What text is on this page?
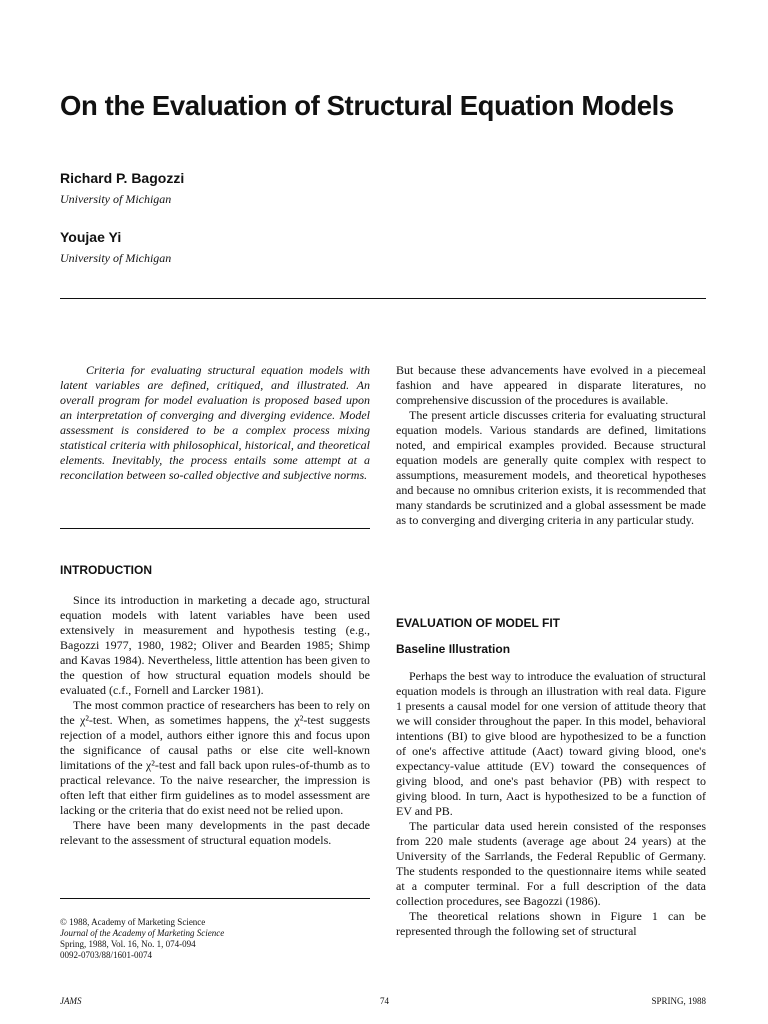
On the Evaluation of Structural Equation Models
Richard P. Bagozzi
University of Michigan
Youjae Yi
University of Michigan

Criteria for evaluating structural equation models with latent variables are defined, critiqued, and illustrated. An overall program for model evaluation is proposed based upon an interpretation of converging and diverging evidence. Model assessment is considered to be a complex process mixing statistical criteria with philosophical, historical, and theoretical elements. Inevitably, the process entails some attempt at a reconcilation between so-called objective and subjective norms.

INTRODUCTION

Since its introduction in marketing a decade ago, structural equation models with latent variables have been used extensively in measurement and hypothesis testing (e.g., Bagozzi 1977, 1980, 1982; Oliver and Bearden 1985; Shimp and Kavas 1984). Nevertheless, little attention has been given to the question of how structural equation models should be evaluated (c.f., Fornell and Larcker 1981).

The most common practice of researchers has been to rely on the χ²-test. When, as sometimes happens, the χ²-test suggests rejection of a model, authors either ignore this and focus upon the significance of causal paths or else cite well-known limitations of the χ²-test and fall back upon rules-of-thumb as to practical relevance. To the naive researcher, the impression is often left that either firm guidelines as to model assessment are lacking or the criteria that do exist need not be relied upon.

There have been many developments in the past decade relevant to the assessment of structural equation models.

© 1988, Academy of Marketing Science
Journal of the Academy of Marketing Science
Spring, 1988, Vol. 16, No. 1, 074-094
0092-0703/88/1601-0074

But because these advancements have evolved in a piecemeal fashion and have appeared in disparate literatures, no comprehensive discussion of the procedures is available.

The present article discusses criteria for evaluating structural equation models. Various standards are defined, limitations noted, and empirical examples provided. Because structural equation models are generally quite complex with respect to assumptions, measurement models, and theoretical hypotheses and because no omnibus criterion exists, it is recommended that many standards be scrutinized and a global assessment be made as to converging and diverging criteria in any particular study.

EVALUATION OF MODEL FIT
Baseline Illustration

Perhaps the best way to introduce the evaluation of structural equation models is through an illustration with real data. Figure 1 presents a causal model for one version of attitude theory that we will consider throughout the paper. In this model, behavioral intentions (BI) to give blood are hypothesized to be a function of one's affective attitude (Aact) toward giving blood, one's expectancy-value attitude (EV) toward the consequences of giving blood, and one's past behavior (PB) with respect to giving blood. In turn, Aact is hypothesized to be a function of EV and PB.

The particular data used herein consisted of the responses from 220 male students (average age about 24 years) at the University of the Sarrlands, the Federal Republic of Germany. The students responded to the questionnaire items while seated at a computer terminal. For a full description of the data collection procedures, see Bagozzi (1986).

The theoretical relations shown in Figure 1 can be represented through the following set of structural

JAMS	74	SPRING, 1988
